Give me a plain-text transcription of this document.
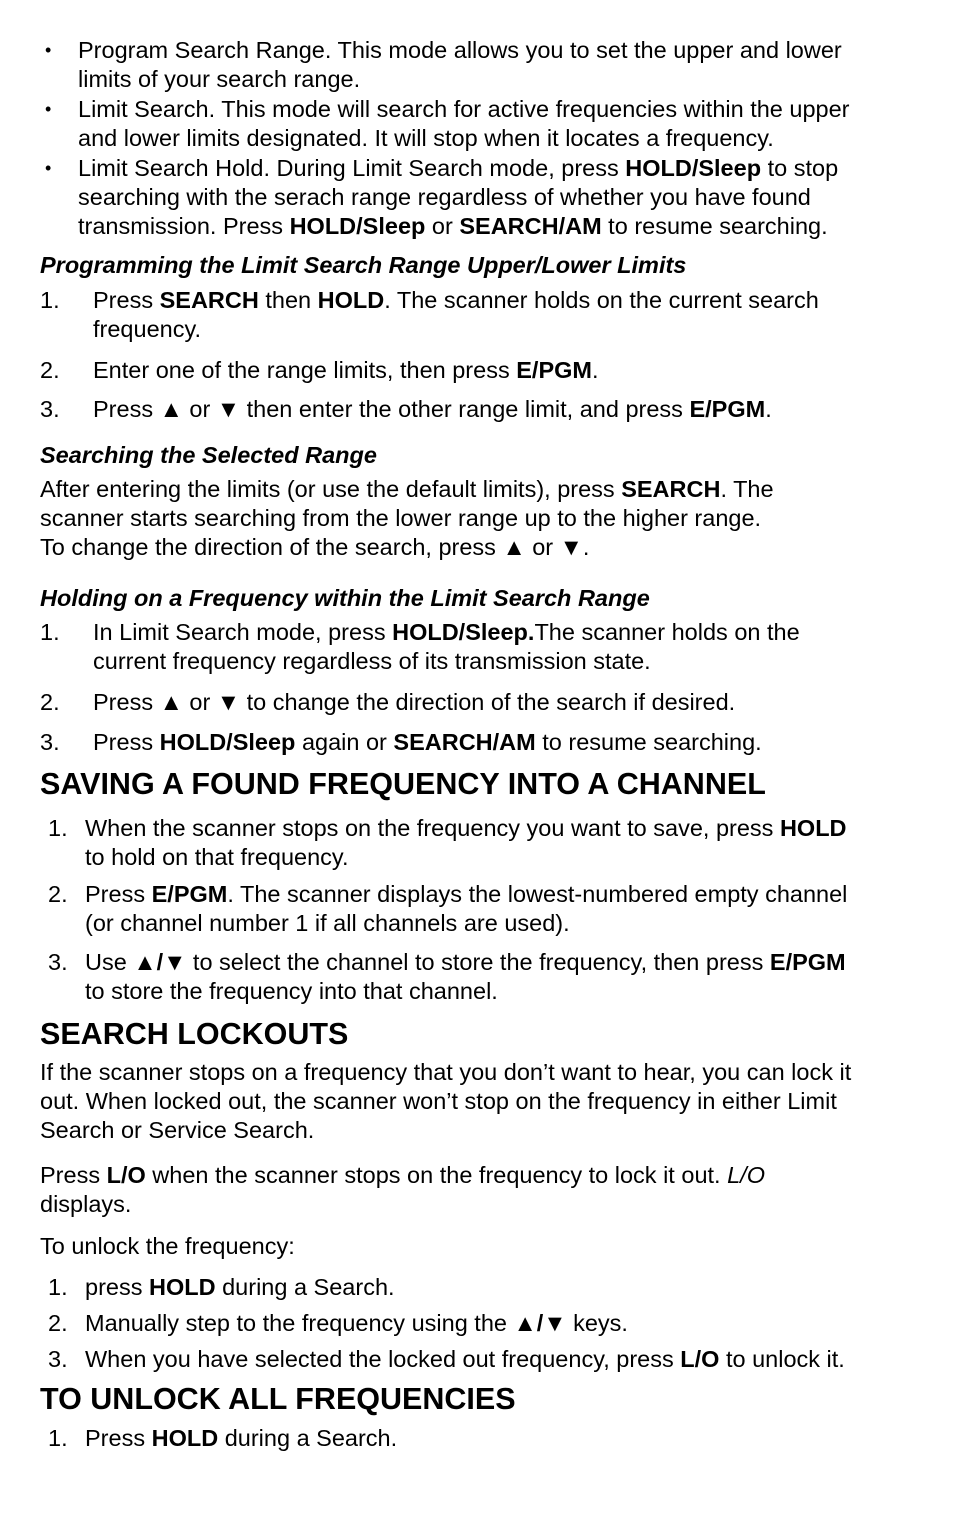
• Program Search Range. This mode allows you to set the upper and lower
limits of your search range.
• Limit Search. This mode will search for active frequencies within the upper
and lower limits designated. It will stop when it locates a frequency.
• Limit Search Hold. During Limit Search mode, press HOLD/Sleep to stop
searching with the serach range regardless of whether you have found
transmission. Press HOLD/Sleep or SEARCH/AM to resume searching.
Programming the Limit Search Range Upper/Lower Limits
1. Press SEARCH then HOLD. The scanner holds on the current search
frequency.
2. Enter one of the range limits, then press E/PGM.
3. Press ▲ or ▼ then enter the other range limit, and press E/PGM.
Searching the Selected Range
After entering the limits (or use the default limits), press SEARCH. The
scanner starts searching from the lower range up to the higher range.
To change the direction of the search, press ▲ or ▼.
Holding on a Frequency within the Limit Search Range
1. In Limit Search mode, press HOLD/Sleep.The scanner holds on the
current frequency regardless of its transmission state.
2. Press ▲ or ▼ to change the direction of the search if desired.
3. Press HOLD/Sleep again or SEARCH/AM to resume searching.
SAVING A FOUND FREQUENCY INTO A CHANNEL
1. When the scanner stops on the frequency you want to save, press HOLD
to hold on that frequency.
2. Press E/PGM. The scanner displays the lowest-numbered empty channel
(or channel number 1 if all channels are used).
3. Use ▲/▼ to select the channel to store the frequency, then press E/PGM
to store the frequency into that channel.
SEARCH LOCKOUTS
If the scanner stops on a frequency that you don’t want to hear, you can lock it
out. When locked out, the scanner won’t stop on the frequency in either Limit
Search or Service Search.
Press L/O when the scanner stops on the frequency to lock it out. L/O
displays.
To unlock the frequency:
1. press HOLD during a Search.
2. Manually step to the frequency using the ▲/▼ keys.
3. When you have selected the locked out frequency, press L/O to unlock it.
TO UNLOCK ALL FREQUENCIES
1. Press HOLD during a Search.
